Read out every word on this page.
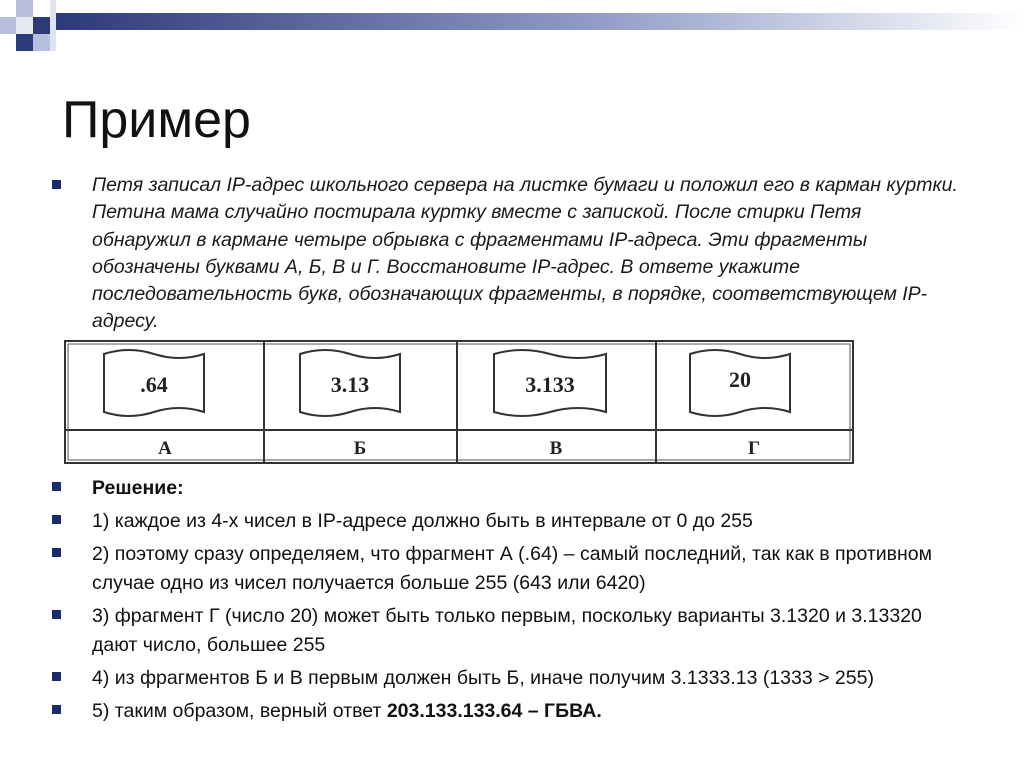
Пример
Петя записал IP-адрес школьного сервера на листке бумаги и положил его в карман куртки. Петина мама случайно постирала куртку вместе с запиской. После стирки Петя обнаружил в кармане четыре обрывка с фрагментами IP-адреса. Эти фрагменты обозначены буквами А, Б, В и Г. Восстановите IP-адрес. В ответе укажите последовательность букв, обозначающих фрагменты, в порядке, соответствующем IP-адресу.
.64
А
3.13
Б
3.133
В
20
Г
Решение:
1) каждое из 4-х чисел в IP-адресе должно быть в интервале от 0 до 255
2) поэтому сразу определяем, что фрагмент А (.64) – самый последний, так как в противном случае одно из чисел получается больше 255 (643 или 6420)
3) фрагмент Г (число 20) может быть только первым, поскольку варианты 3.1320 и 3.13320 дают число, большее 255
4) из фрагментов Б и В первым должен быть Б, иначе получим 3.1333.13 (1333 > 255)
5) таким образом, верный ответ 203.133.133.64 – ГБВА.
